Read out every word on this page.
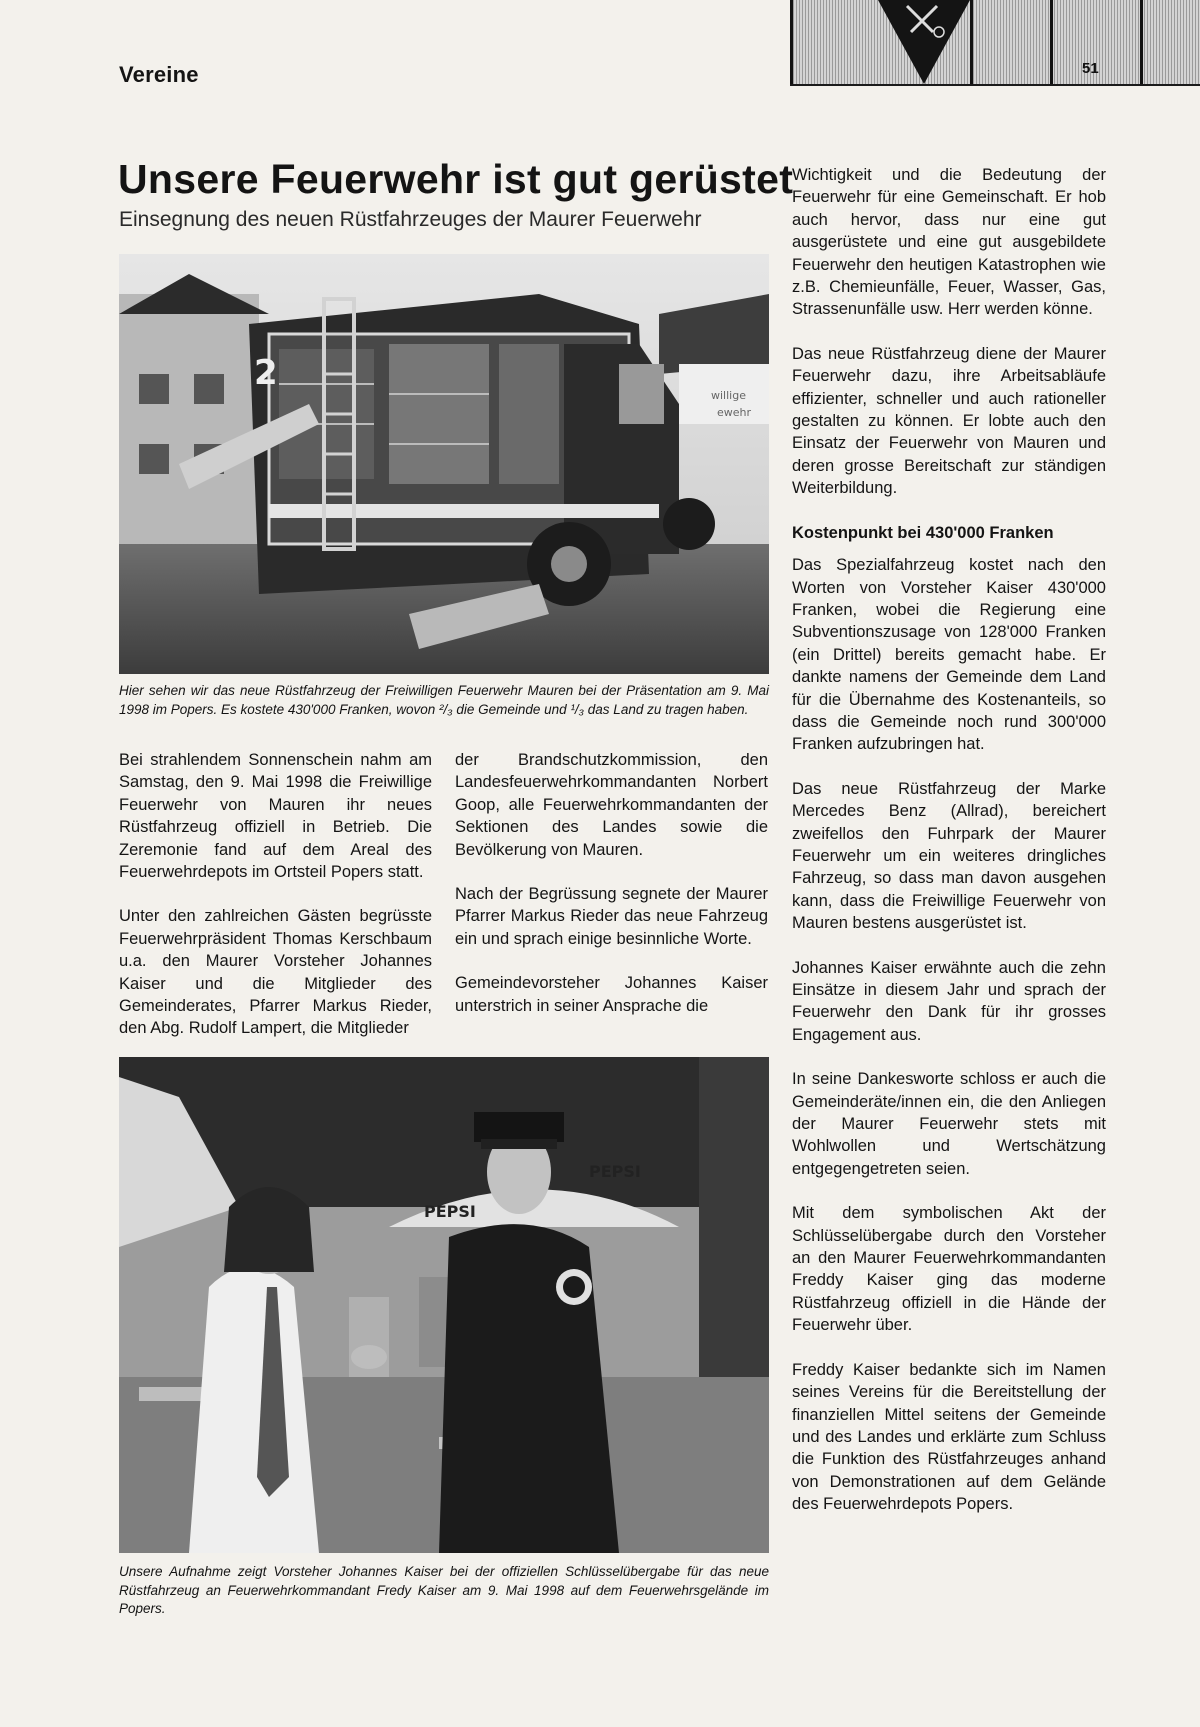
Vereine	51
Unsere Feuerwehr ist gut gerüstet
Einsegnung des neuen Rüstfahrzeuges der Maurer Feuerwehr
willige
ewehr
2
Hier sehen wir das neue Rüstfahrzeug der Freiwilligen Feuerwehr Mauren bei der Präsentation am 9. Mai 1998 im Popers. Es kostete 430'000 Franken, wovon ²/₃ die Gemeinde und ¹/₃ das Land zu tragen haben.

Bei strahlendem Sonnenschein nahm am Samstag, den 9. Mai 1998 die Freiwillige Feuerwehr von Mauren ihr neues Rüstfahrzeug offiziell in Betrieb. Die Zeremonie fand auf dem Areal des Feuerwehrdepots im Ortsteil Popers statt.

Unter den zahlreichen Gästen begrüsste Feuerwehrpräsident Thomas Kerschbaum u.a. den Maurer Vorsteher Johannes Kaiser und die Mitglieder des Gemeinderates, Pfarrer Markus Rieder, den Abg. Rudolf Lampert, die Mitglieder

der Brandschutzkommission, den Landesfeuerwehrkommandanten Norbert Goop, alle Feuerwehrkommandanten der Sektionen des Landes sowie die Bevölkerung von Mauren.

Nach der Begrüssung segnete der Maurer Pfarrer Markus Rieder das neue Fahrzeug ein und sprach einige besinnliche Worte.

Gemeindevorsteher Johannes Kaiser unterstrich in seiner Ansprache die

Wichtigkeit und die Bedeutung der Feuerwehr für eine Gemeinschaft. Er hob auch hervor, dass nur eine gut ausgerüstete und eine gut ausgebildete Feuerwehr den heutigen Katastrophen wie z.B. Chemieunfälle, Feuer, Wasser, Gas, Strassenunfälle usw. Herr werden könne.

Das neue Rüstfahrzeug diene der Maurer Feuerwehr dazu, ihre Arbeitsabläufe effizienter, schneller und auch rationeller gestalten zu können. Er lobte auch den Einsatz der Feuerwehr von Mauren und deren grosse Bereitschaft zur ständigen Weiterbildung.

Kostenpunkt bei 430'000 Franken

Das Spezialfahrzeug kostet nach den Worten von Vorsteher Kaiser 430'000 Franken, wobei die Regierung eine Subventionszusage von 128'000 Franken (ein Drittel) bereits gemacht habe. Er dankte namens der Gemeinde dem Land für die Übernahme des Kostenanteils, so dass die Gemeinde noch rund 300'000 Franken aufzubringen hat.

Das neue Rüstfahrzeug der Marke Mercedes Benz (Allrad), bereichert zweifellos den Fuhrpark der Maurer Feuerwehr um ein weiteres dringliches Fahrzeug, so dass man davon ausgehen kann, dass die Freiwillige Feuerwehr von Mauren bestens ausgerüstet ist.

Johannes Kaiser erwähnte auch die zehn Einsätze in diesem Jahr und sprach der Feuerwehr den Dank für ihr grosses Engagement aus.

In seine Dankesworte schloss er auch die Gemeinderäte/innen ein, die den Anliegen der Maurer Feuerwehr stets mit Wohlwollen und Wertschätzung entgegengetreten seien.

Mit dem symbolischen Akt der Schlüsselübergabe durch den Vorsteher an den Maurer Feuerwehrkommandanten Freddy Kaiser ging das moderne Rüstfahrzeug offiziell in die Hände der Feuerwehr über.

Freddy Kaiser bedankte sich im Namen seines Vereins für die Bereitstellung der finanziellen Mittel seitens der Gemeinde und des Landes und erklärte zum Schluss die Funktion des Rüstfahrzeuges anhand von Demonstrationen auf dem Gelände des Feuerwehrdepots Popers.

PEPSI
PEPSI
Unsere Aufnahme zeigt Vorsteher Johannes Kaiser bei der offiziellen Schlüsselübergabe für das neue Rüstfahrzeug an Feuerwehrkommandant Fredy Kaiser am 9. Mai 1998 auf dem Feuerwehrsgelände im Popers.
